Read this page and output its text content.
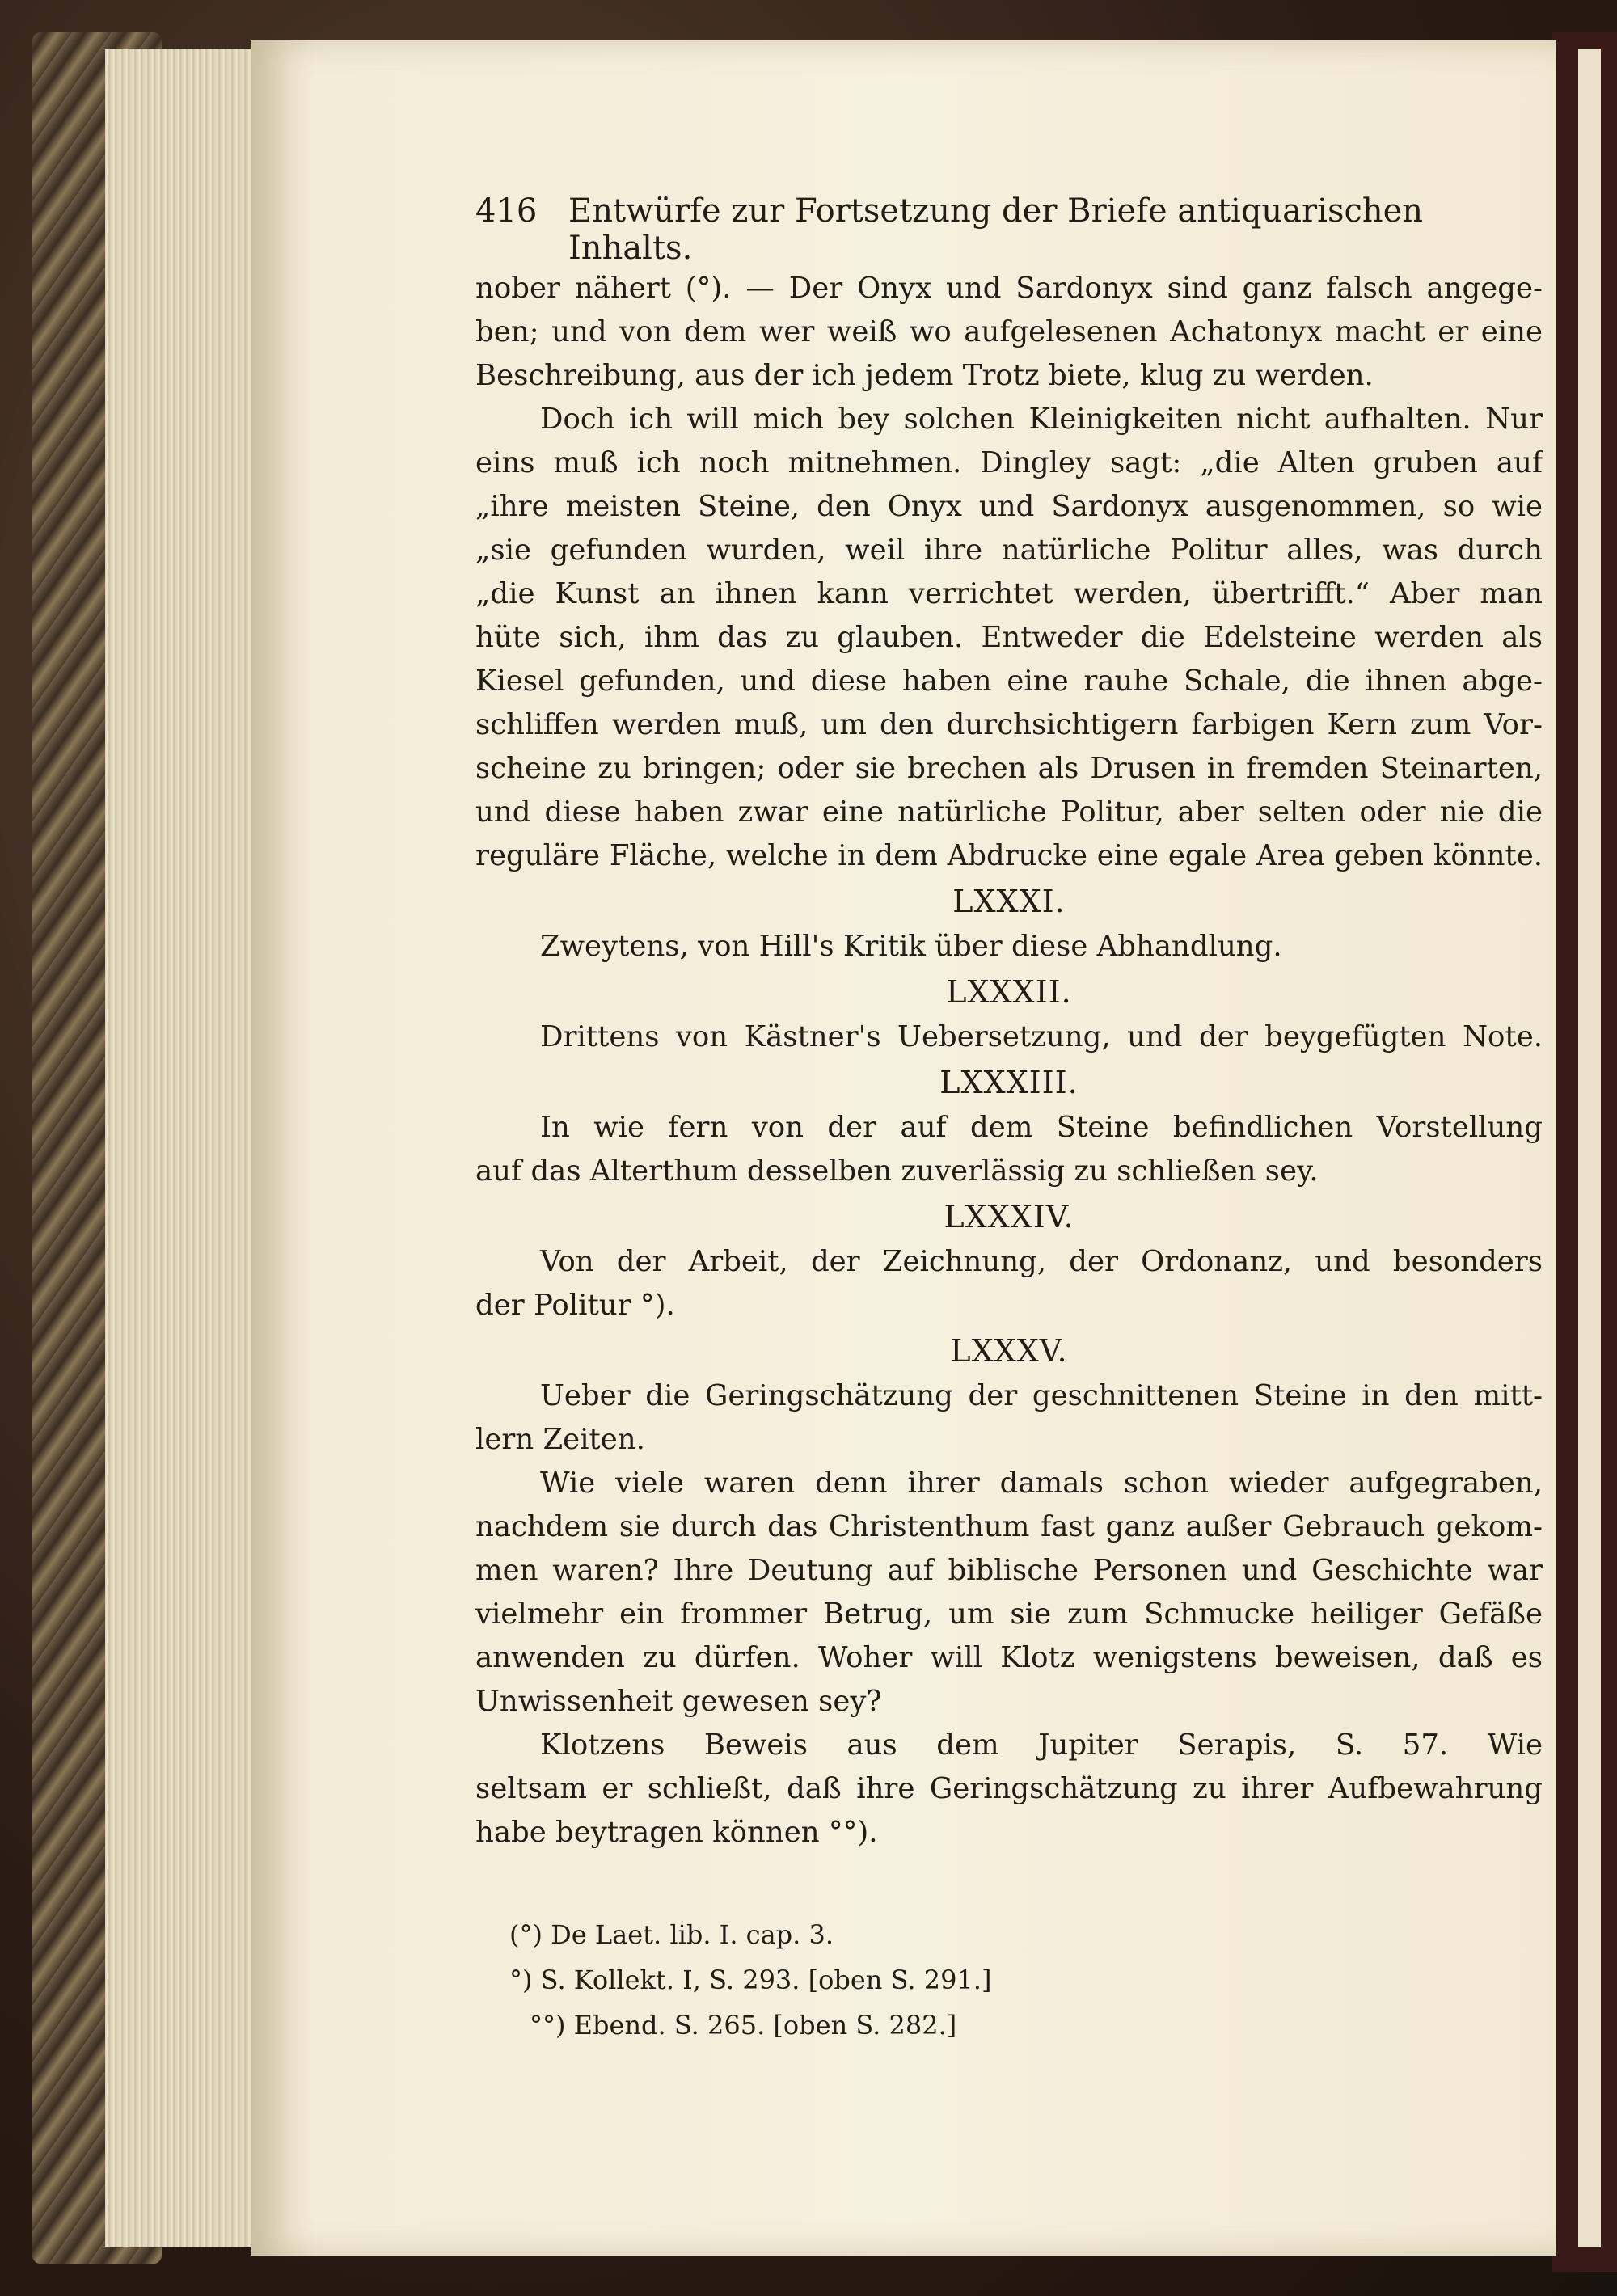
416 Entwürfe zur Fortsetzung der Briefe antiquarischen Inhalts.
nober nähert (°). — Der Onyx und Sardonyx sind ganz falsch angege-
ben; und von dem wer weiß wo aufgelesenen Achatonyx macht er eine
Beschreibung, aus der ich jedem Trotz biete, klug zu werden.
Doch ich will mich bey solchen Kleinigkeiten nicht aufhalten. Nur
eins muß ich noch mitnehmen. Dingley sagt: „die Alten gruben auf
„ihre meisten Steine, den Onyx und Sardonyx ausgenommen, so wie
„sie gefunden wurden, weil ihre natürliche Politur alles, was durch
„die Kunst an ihnen kann verrichtet werden, übertrifft.“ Aber man
hüte sich, ihm das zu glauben. Entweder die Edelsteine werden als
Kiesel gefunden, und diese haben eine rauhe Schale, die ihnen abge-
schliffen werden muß, um den durchsichtigern farbigen Kern zum Vor-
scheine zu bringen; oder sie brechen als Drusen in fremden Steinarten,
und diese haben zwar eine natürliche Politur, aber selten oder nie die
reguläre Fläche, welche in dem Abdrucke eine egale Area geben könnte.
LXXXI.
Zweytens, von Hill's Kritik über diese Abhandlung.
LXXXII.
Drittens von Kästner's Uebersetzung, und der beygefügten Note.
LXXXIII.
In wie fern von der auf dem Steine befindlichen Vorstellung
auf das Alterthum desselben zuverlässig zu schließen sey.
LXXXIV.
Von der Arbeit, der Zeichnung, der Ordonanz, und besonders
der Politur °).
LXXXV.
Ueber die Geringschätzung der geschnittenen Steine in den mitt-
lern Zeiten.
Wie viele waren denn ihrer damals schon wieder aufgegraben,
nachdem sie durch das Christenthum fast ganz außer Gebrauch gekom-
men waren? Ihre Deutung auf biblische Personen und Geschichte war
vielmehr ein frommer Betrug, um sie zum Schmucke heiliger Gefäße
anwenden zu dürfen. Woher will Klotz wenigstens beweisen, daß es
Unwissenheit gewesen sey?
Klotzens Beweis aus dem Jupiter Serapis, S. 57. Wie
seltsam er schließt, daß ihre Geringschätzung zu ihrer Aufbewahrung
habe beytragen können °°).
(°) De Laet. lib. I. cap. 3.
°) S. Kollekt. I, S. 293. [oben S. 291.]
°°) Ebend. S. 265. [oben S. 282.]
